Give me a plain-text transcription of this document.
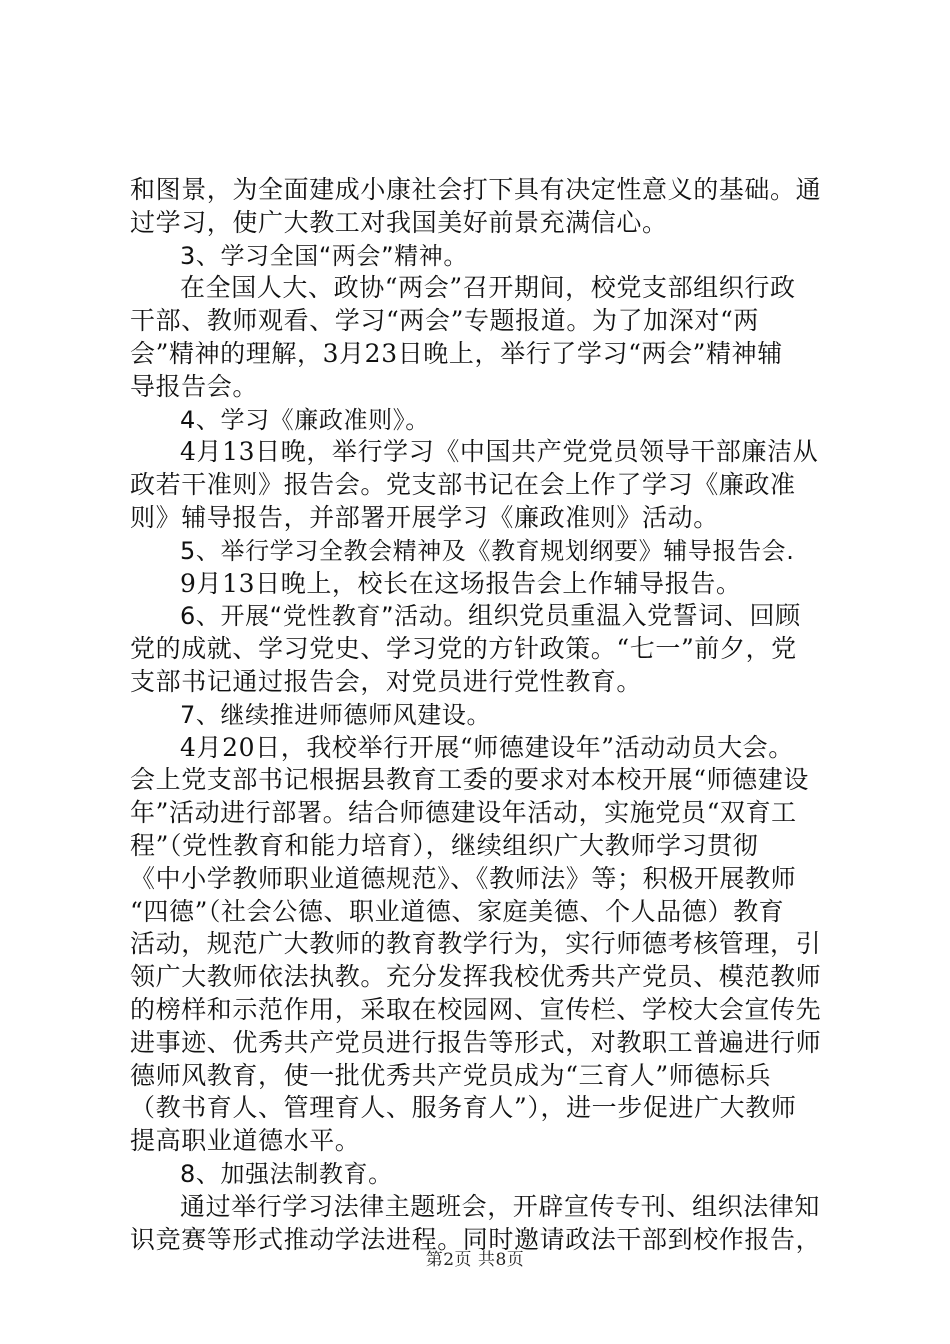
和图景，为全面建成小康社会打下具有决定性意义的基础。通
过学习，使广大教工对我国美好前景充满信心。
3、学习全国“两会”精神。
在全国人大、政协“两会”召开期间，校党支部组织行政
干部、教师观看、学习“两会”专题报道。为了加深对“两
会”精神的理解，3月23日晚上，举行了学习“两会”精神辅
导报告会。
4、学习《廉政准则》。
4月13日晚，举行学习《中国共产党党员领导干部廉洁从
政若干准则》报告会。党支部书记在会上作了学习《廉政准
则》辅导报告，并部署开展学习《廉政准则》活动。
5、举行学习全教会精神及《教育规划纲要》辅导报告会.
9月13日晚上，校长在这场报告会上作辅导报告。
6、开展“党性教育”活动。组织党员重温入党誓词、回顾
党的成就、学习党史、学习党的方针政策。“七一”前夕，党
支部书记通过报告会，对党员进行党性教育。
7、继续推进师德师风建设。
4月20日，我校举行开展“师德建设年”活动动员大会。
会上党支部书记根据县教育工委的要求对本校开展“师德建设
年”活动进行部署。结合师德建设年活动，实施党员“双育工
程”（党性教育和能力培育），继续组织广大教师学习贯彻
《中小学教师职业道德规范》、《教师法》等；积极开展教师
“四德”（社会公德、职业道德、家庭美德、个人品德）教育
活动，规范广大教师的教育教学行为，实行师德考核管理，引
领广大教师依法执教。充分发挥我校优秀共产党员、模范教师
的榜样和示范作用，采取在校园网、宣传栏、学校大会宣传先
进事迹、优秀共产党员进行报告等形式，对教职工普遍进行师
德师风教育，使一批优秀共产党员成为“三育人”师德标兵
（教书育人、管理育人、服务育人”），进一步促进广大教师
提高职业道德水平。
8、加强法制教育。
通过举行学习法律主题班会，开辟宣传专刊、组织法律知
识竞赛等形式推动学法进程。同时邀请政法干部到校作报告，
第2页 共8页
